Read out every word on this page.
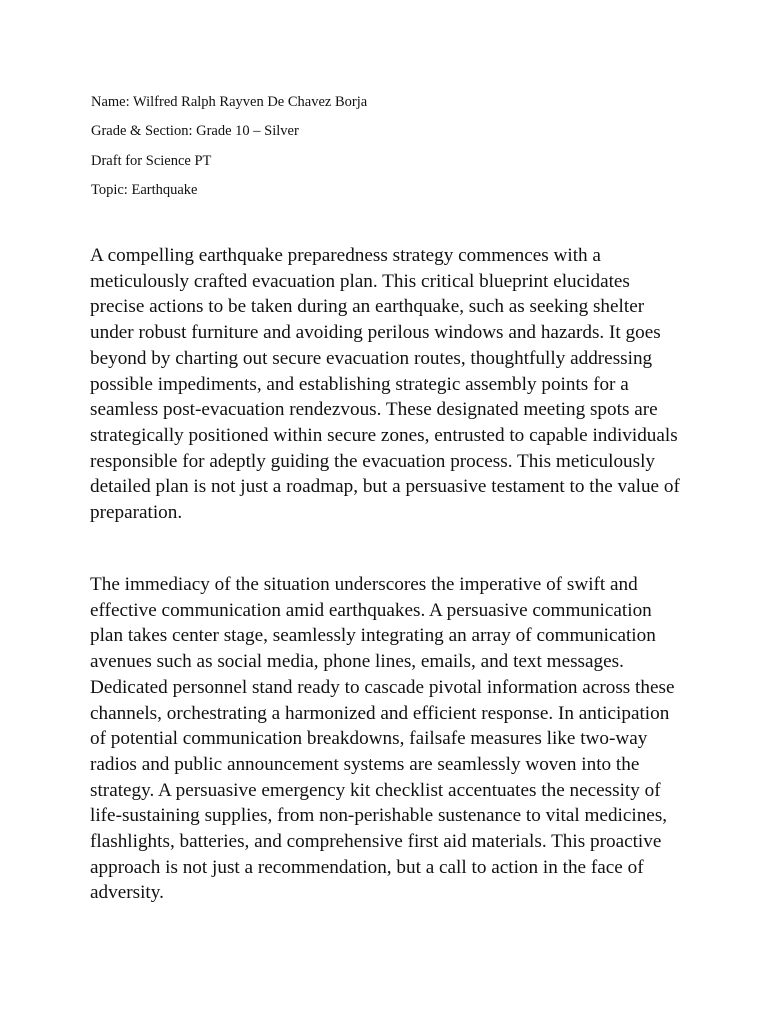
Name: Wilfred Ralph Rayven De Chavez Borja
Grade & Section: Grade 10 – Silver
Draft for Science PT
Topic: Earthquake

A compelling earthquake preparedness strategy commences with a meticulously crafted evacuation plan. This critical blueprint elucidates precise actions to be taken during an earthquake, such as seeking shelter under robust furniture and avoiding perilous windows and hazards. It goes beyond by charting out secure evacuation routes, thoughtfully addressing possible impediments, and establishing strategic assembly points for a seamless post-evacuation rendezvous. These designated meeting spots are strategically positioned within secure zones, entrusted to capable individuals responsible for adeptly guiding the evacuation process. This meticulously detailed plan is not just a roadmap, but a persuasive testament to the value of preparation.

The immediacy of the situation underscores the imperative of swift and effective communication amid earthquakes. A persuasive communication plan takes center stage, seamlessly integrating an array of communication avenues such as social media, phone lines, emails, and text messages. Dedicated personnel stand ready to cascade pivotal information across these channels, orchestrating a harmonized and efficient response. In anticipation of potential communication breakdowns, failsafe measures like two-way radios and public announcement systems are seamlessly woven into the strategy. A persuasive emergency kit checklist accentuates the necessity of life-sustaining supplies, from non-perishable sustenance to vital medicines, flashlights, batteries, and comprehensive first aid materials. This proactive approach is not just a recommendation, but a call to action in the face of adversity.
